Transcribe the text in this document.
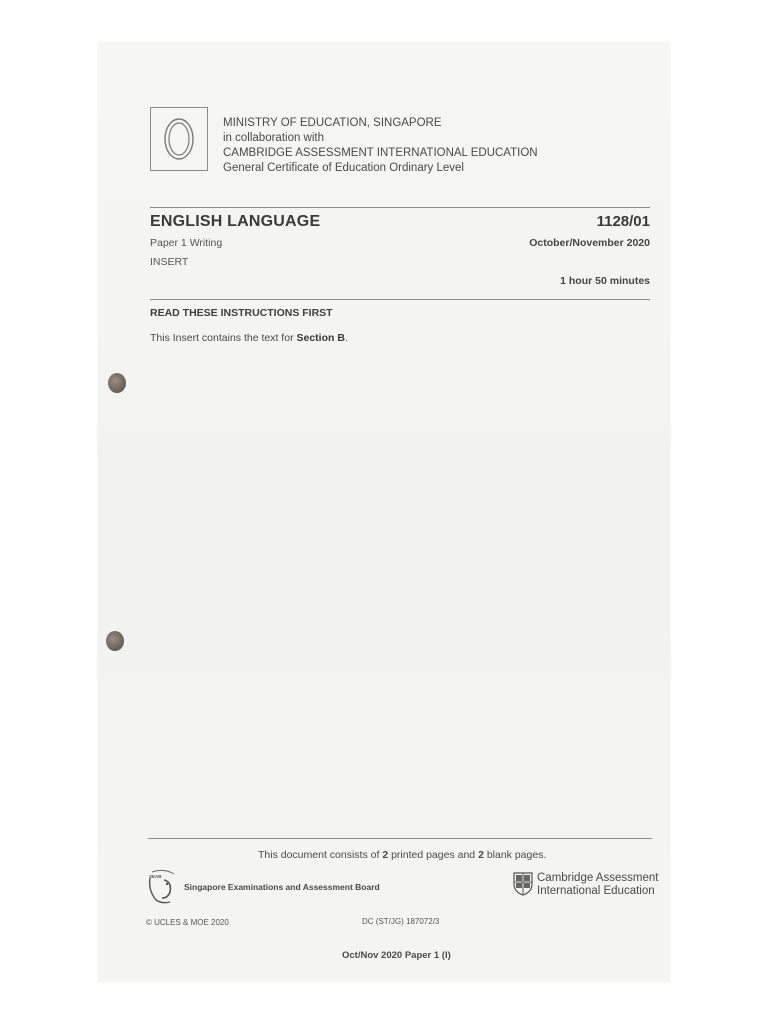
MINISTRY OF EDUCATION, SINGAPORE
in collaboration with
CAMBRIDGE ASSESSMENT INTERNATIONAL EDUCATION
General Certificate of Education Ordinary Level
ENGLISH LANGUAGE	1128/01
Paper 1 Writing	October/November 2020
INSERT
1 hour 50 minutes
READ THESE INSTRUCTIONS FIRST
This Insert contains the text for Section B.
This document consists of 2 printed pages and 2 blank pages.
SEAB
Singapore Examinations and Assessment Board
Cambridge Assessment
International Education
© UCLES & MOE 2020	DC (ST/JG) 187072/3
Oct/Nov 2020 Paper 1 (I)
